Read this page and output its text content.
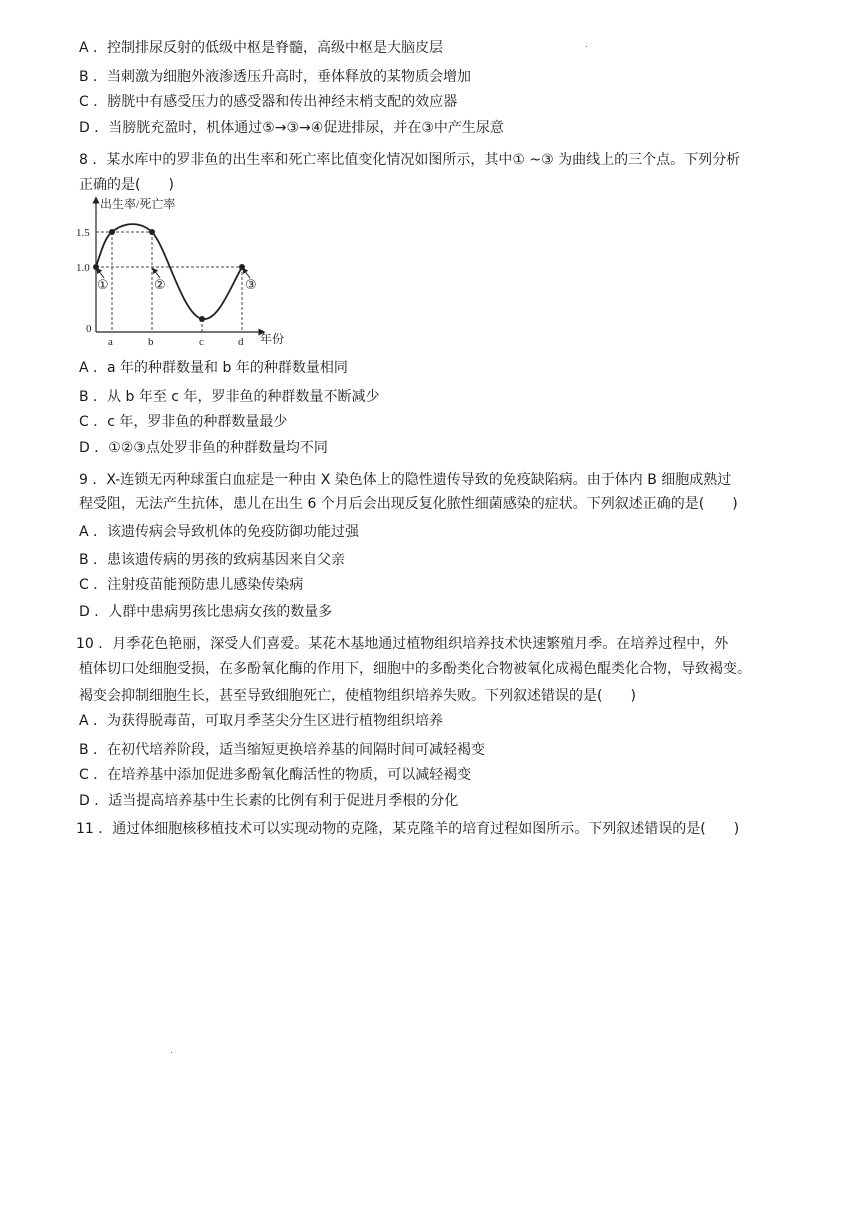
A ．控制排尿反射的低级中枢是脊髓，高级中枢是大脑皮层
B ．当刺激为细胞外液渗透压升高时，垂体释放的某物质会增加
C ．膀胱中有感受压力的感受器和传出神经末梢支配的效应器
D ．当膀胱充盈时，机体通过⑤→③→④促进排尿，并在③中产生尿意
8 ．某水库中的罗非鱼的出生率和死亡率比值变化情况如图所示，其中① ~③ 为曲线上的三个点。下列分析
正确的是(　　)
出生率/死亡率
年份
1.5
1.0
0
a	b	c	d
①	②	③
A ．a 年的种群数量和 b 年的种群数量相同
B ．从 b 年至 c 年，罗非鱼的种群数量不断减少
C ．c 年，罗非鱼的种群数量最少
D ．①②③点处罗非鱼的种群数量均不同
9 ．X-连锁无丙种球蛋白血症是一种由 X 染色体上的隐性遗传导致的免疫缺陷病。由于体内 B 细胞成熟过
程受阻，无法产生抗体，患儿在出生 6 个月后会出现反复化脓性细菌感染的症状。下列叙述正确的是(　　)
A ．该遗传病会导致机体的免疫防御功能过强
B ．患该遗传病的男孩的致病基因来自父亲
C ．注射疫苗能预防患儿感染传染病
D ．人群中患病男孩比患病女孩的数量多
10 ．月季花色艳丽，深受人们喜爱。某花木基地通过植物组织培养技术快速繁殖月季。在培养过程中，外
植体切口处细胞受损，在多酚氧化酶的作用下，细胞中的多酚类化合物被氧化成褐色醌类化合物，导致褐变。
褐变会抑制细胞生长，甚至导致细胞死亡，使植物组织培养失败。下列叙述错误的是(　　)
A ．为获得脱毒苗，可取月季茎尖分生区进行植物组织培养
B ．在初代培养阶段，适当缩短更换培养基的间隔时间可减轻褐变
C ．在培养基中添加促进多酚氧化酶活性的物质，可以减轻褐变
D ．适当提高培养基中生长素的比例有利于促进月季根的分化
11 ．通过体细胞核移植技术可以实现动物的克隆，某克隆羊的培育过程如图所示。下列叙述错误的是(　　)
